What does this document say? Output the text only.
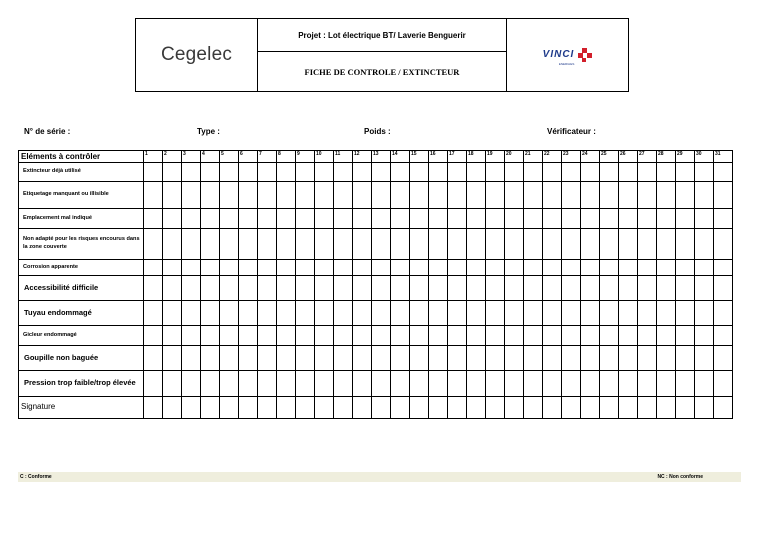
Cegelec
Projet : Lot électrique BT/ Laverie Benguerir
FICHE DE CONTROLE / EXTINCTEUR
VINCI
ENERGIES
N° de série :	Type :	Poids :	Vérificateur :
Eléments à contrôler	1	2	3	4	5	6	7	8	9	10	11	12	13	14	15	16	17	18	19	20	21	22	23	24	25	26	27	28	29	30	31
Extincteur déjà utilisé																															
Etiquetage manquant ou illisible																															
Emplacement mal indiqué																															
Non adapté pour les risques encourus dans la zone couverte																															
Corrosion apparente																															
Accessibilité difficile																															
Tuyau endommagé																															
Gicleur endommagé																															
Goupille non baguée																															
Pression trop faible/trop élevée																															
Signature																															
C : Conforme	NC : Non conforme
